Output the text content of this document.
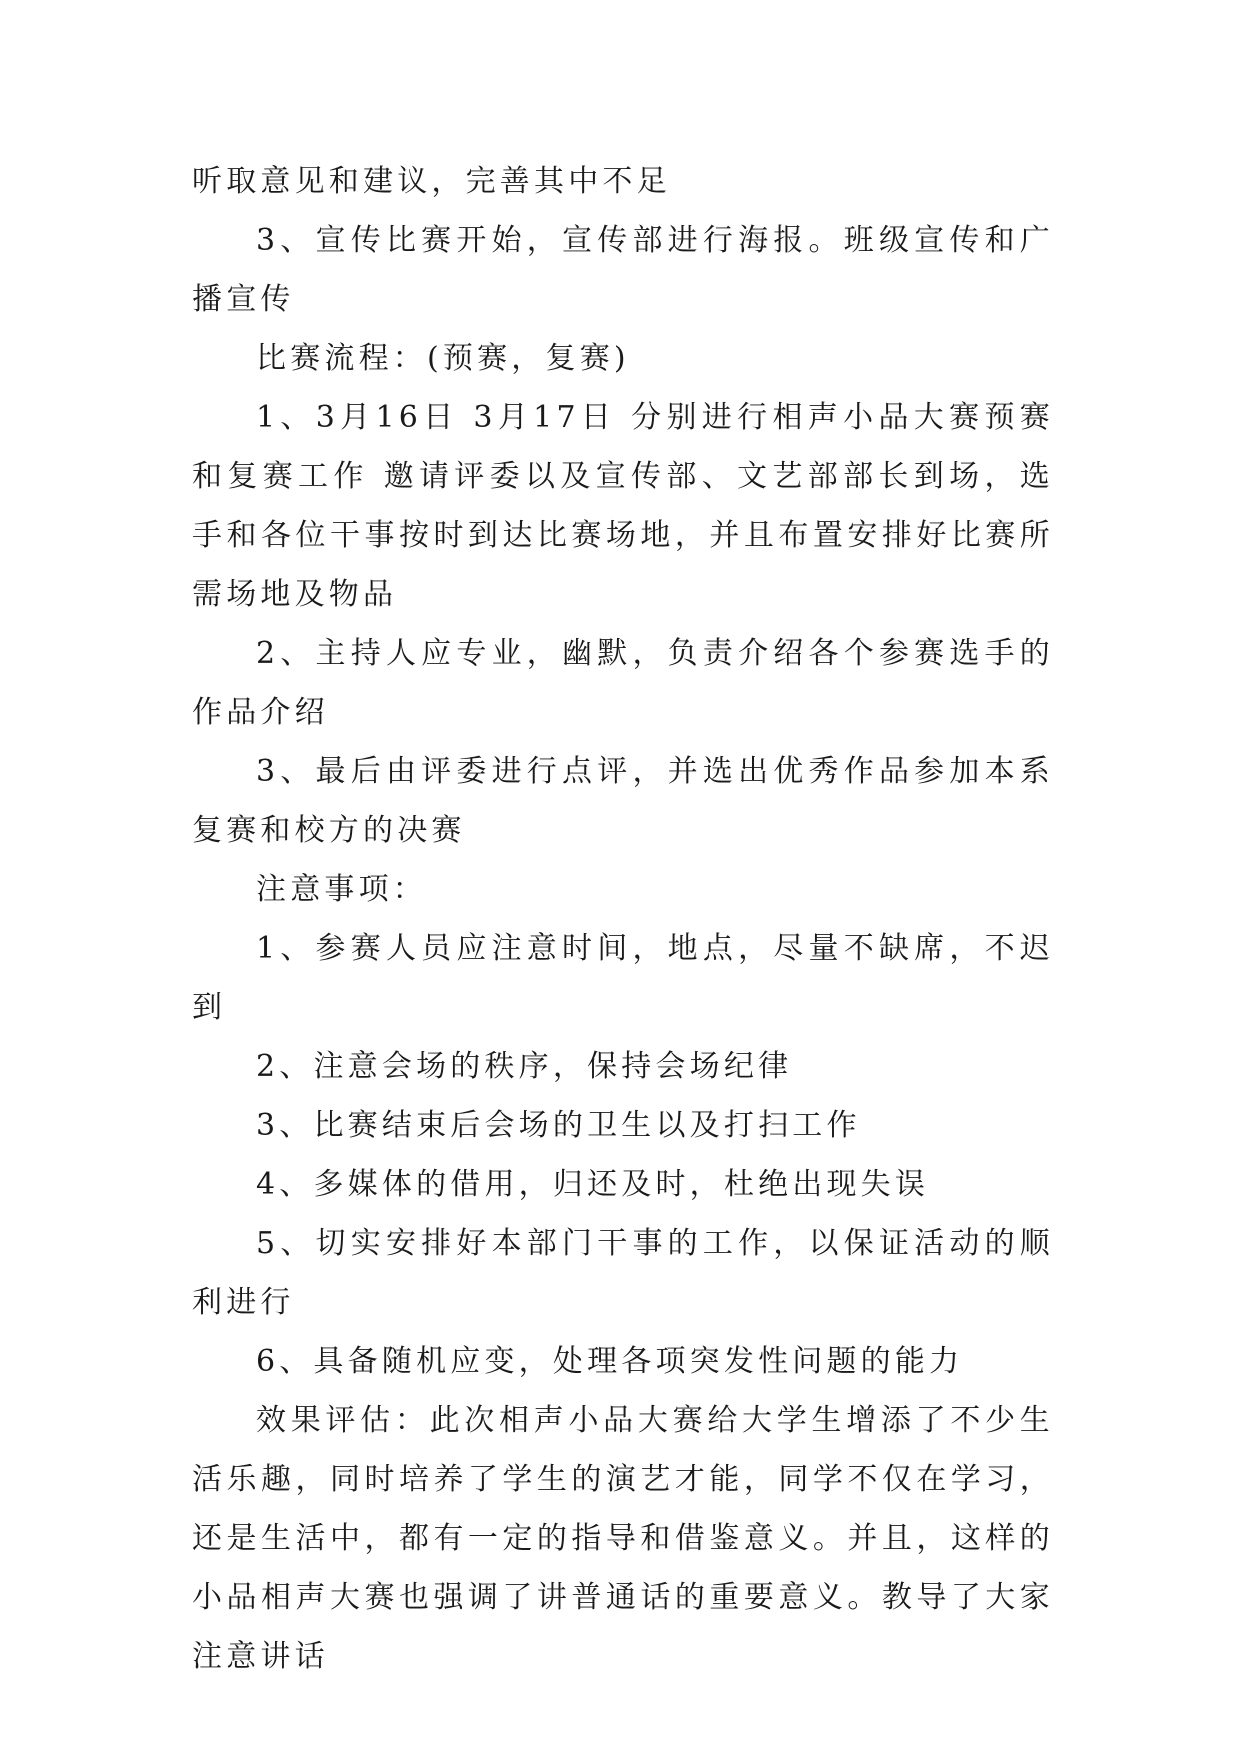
听取意见和建议，完善其中不足

3、宣传比赛开始，宣传部进行海报。班级宣传和广播宣传

比赛流程：(预赛，复赛)

1、3月16日 3月17日 分别进行相声小品大赛预赛和复赛工作 邀请评委以及宣传部、文艺部部长到场，选手和各位干事按时到达比赛场地，并且布置安排好比赛所需场地及物品

2、主持人应专业，幽默，负责介绍各个参赛选手的作品介绍

3、最后由评委进行点评，并选出优秀作品参加本系复赛和校方的决赛

注意事项：

1、参赛人员应注意时间，地点，尽量不缺席，不迟到

2、注意会场的秩序，保持会场纪律

3、比赛结束后会场的卫生以及打扫工作

4、多媒体的借用，归还及时，杜绝出现失误

5、切实安排好本部门干事的工作，以保证活动的顺利进行

6、具备随机应变，处理各项突发性问题的能力

效果评估：此次相声小品大赛给大学生增添了不少生活乐趣，同时培养了学生的演艺才能，同学不仅在学习，还是生活中，都有一定的指导和借鉴意义。并且，这样的小品相声大赛也强调了讲普通话的重要意义。教导了大家注意讲话
